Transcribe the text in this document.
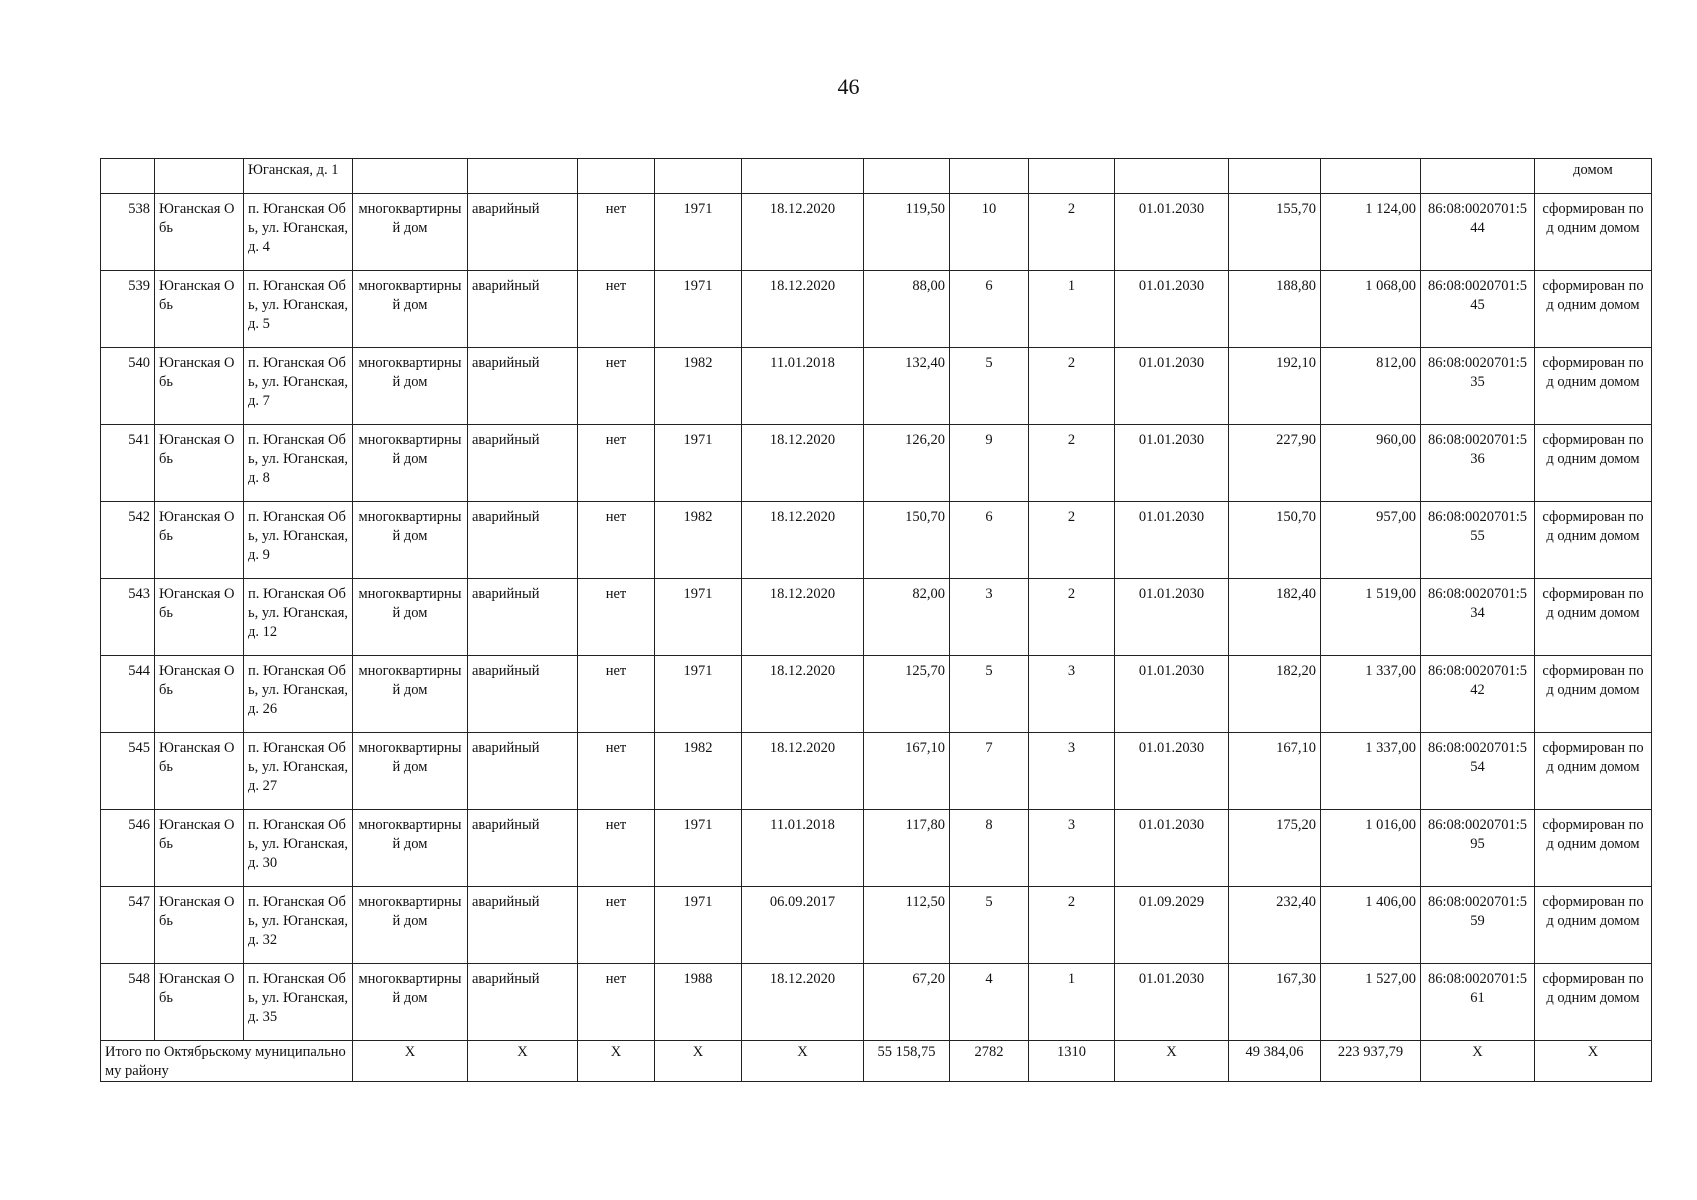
46
		Юганская, д. 1													домом
538	Юганская Обь	п. Юганская Обь, ул. Юганская, д. 4	многоквартирный дом	аварийный	нет	1971	18.12.2020	119,50	10	2	01.01.2030	155,70	1 124,00	86:08:0020701:544	сформирован под одним домом
539	Юганская Обь	п. Юганская Обь, ул. Юганская, д. 5	многоквартирный дом	аварийный	нет	1971	18.12.2020	88,00	6	1	01.01.2030	188,80	1 068,00	86:08:0020701:545	сформирован под одним домом
540	Юганская Обь	п. Юганская Обь, ул. Юганская, д. 7	многоквартирный дом	аварийный	нет	1982	11.01.2018	132,40	5	2	01.01.2030	192,10	812,00	86:08:0020701:535	сформирован под одним домом
541	Юганская Обь	п. Юганская Обь, ул. Юганская, д. 8	многоквартирный дом	аварийный	нет	1971	18.12.2020	126,20	9	2	01.01.2030	227,90	960,00	86:08:0020701:536	сформирован под одним домом
542	Юганская Обь	п. Юганская Обь, ул. Юганская, д. 9	многоквартирный дом	аварийный	нет	1982	18.12.2020	150,70	6	2	01.01.2030	150,70	957,00	86:08:0020701:555	сформирован под одним домом
543	Юганская Обь	п. Юганская Обь, ул. Юганская, д. 12	многоквартирный дом	аварийный	нет	1971	18.12.2020	82,00	3	2	01.01.2030	182,40	1 519,00	86:08:0020701:534	сформирован под одним домом
544	Юганская Обь	п. Юганская Обь, ул. Юганская, д. 26	многоквартирный дом	аварийный	нет	1971	18.12.2020	125,70	5	3	01.01.2030	182,20	1 337,00	86:08:0020701:542	сформирован под одним домом
545	Юганская Обь	п. Юганская Обь, ул. Юганская, д. 27	многоквартирный дом	аварийный	нет	1982	18.12.2020	167,10	7	3	01.01.2030	167,10	1 337,00	86:08:0020701:554	сформирован под одним домом
546	Юганская Обь	п. Юганская Обь, ул. Юганская, д. 30	многоквартирный дом	аварийный	нет	1971	11.01.2018	117,80	8	3	01.01.2030	175,20	1 016,00	86:08:0020701:595	сформирован под одним домом
547	Юганская Обь	п. Юганская Обь, ул. Юганская, д. 32	многоквартирный дом	аварийный	нет	1971	06.09.2017	112,50	5	2	01.09.2029	232,40	1 406,00	86:08:0020701:559	сформирован под одним домом
548	Юганская Обь	п. Юганская Обь, ул. Юганская, д. 35	многоквартирный дом	аварийный	нет	1988	18.12.2020	67,20	4	1	01.01.2030	167,30	1 527,00	86:08:0020701:561	сформирован под одним домом
Итого по Октябрьскому муниципальному району			X	X	X	X	X	55 158,75	2782	1310	X	49 384,06	223 937,79	X	X
